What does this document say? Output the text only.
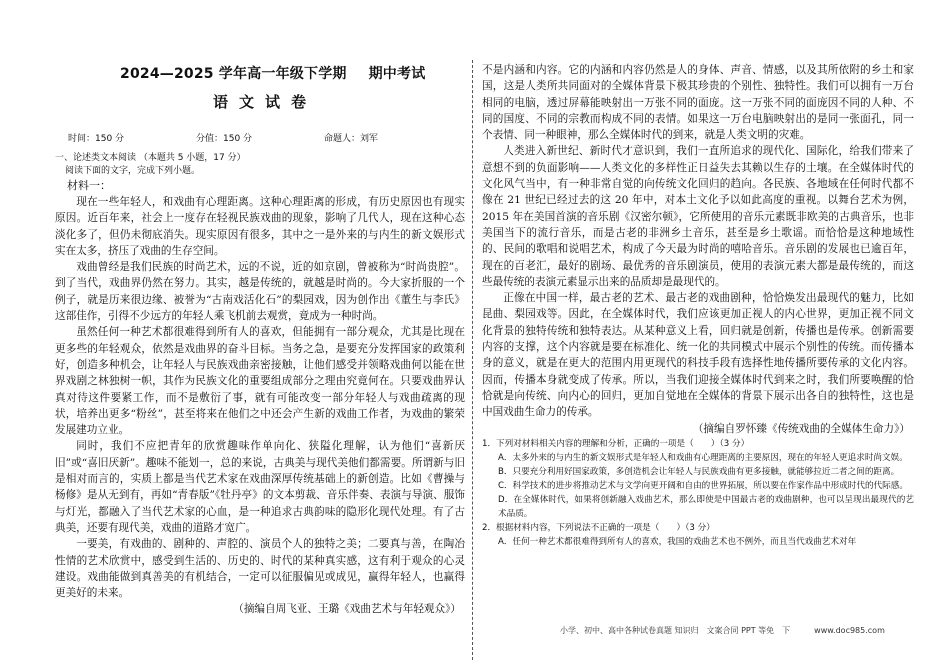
2024—2025 学年高一年级下学期 期中考试
语文试卷
时间：150 分	分值：150 分	命题人：刘军

一、论述类文本阅读 （本题共 5 小题，17 分）

阅读下面的文字，完成下列小题。

材料一：

现在一些年轻人，和戏曲有心理距离。这种心理距离的形成，有历史原因也有现实原因。近百年来，社会上一度存在轻视民族戏曲的现象，影响了几代人，现在这种心态淡化多了，但仍未彻底消失。现实原因有很多，其中之一是外来的与内生的新文娱形式实在太多，挤压了戏曲的生存空间。

戏曲曾经是我们民族的时尚艺术，远的不说，近的如京剧，曾被称为“时尚贵腔”。到了当代，戏曲界仍然在努力。其实，越是传统的，就越是时尚的。今大家折服的一个例子，就是历来很边缘、被誉为“古南戏活化石”的梨园戏，因为创作出《董生与李氏》这部佳作，引得不少远方的年轻人乘飞机前去观赏，竟成为一种时尚。

虽然任何一种艺术都很难得到所有人的喜欢，但能拥有一部分观众，尤其是比现在更多些的年轻观众，依然是戏曲界的奋斗目标。当务之急，是要充分发挥国家的政策利好，创造多种机会，让年轻人与民族戏曲亲密接触，让他们感受并领略戏曲何以能在世界戏剧之林独树一帜，其作为民族文化的重要组成部分之理由究竟何在。只要戏曲界认真对待这件要紧工作，而不是敷衍了事，就有可能改变一部分年轻人与戏曲疏离的现状，培养出更多“粉丝”，甚至将来在他们之中还会产生新的戏曲工作者，为戏曲的繁荣发展建功立业。

同时，我们不应把青年的欣赏趣味作单向化、狭隘化理解，认为他们“喜新厌旧”或“喜旧厌新”。趣味不能划一，总的来说，古典美与现代美他们都需要。所谓新与旧是相对而言的，实质上都是当代艺术家在戏曲深厚传统基础上的新创造。比如《曹操与杨修》是从无到有，再如“青春版”《牡丹亭》的文本剪裁、音乐伴奏、表演与导演、服饰与灯光，都融入了当代艺术家的心血，是一种追求古典韵味的隐形化现代处理。有了古典美，还要有现代美，戏曲的道路才宽广。

一要美，有戏曲的、剧种的、声腔的、演员个人的独特之美；二要真与善，在陶冶性情的艺术欣赏中，感受到生活的、历史的、时代的某种真实感，这有利于观众的心灵建设。戏曲能做到真善美的有机结合，一定可以征服偏见或成见，赢得年轻人，也赢得更美好的未来。

（摘编自周飞亚、王璐《戏曲艺术与年轻观众》）

不是内涵和内容。它的内涵和内容仍然是人的身体、声音、情感，以及其所依附的乡土和家国，这是人类所共同面对的全媒体背景下极其珍贵的个别性、独特性。我们可以拥有一万台相同的电脑，透过屏幕能映射出一万张不同的面庞。这一万张不同的面庞因不同的人种、不同的国度、不同的宗教而构成不同的表情。如果这一万台电脑映射出的是同一张面孔，同一个表情、同一种眼神，那么全媒体时代的到来，就是人类文明的灾难。

人类进入新世纪、新时代才意识到，我们一直所追求的现代化、国际化，给我们带来了意想不到的负面影响——人类文化的多样性正日益失去其赖以生存的土壤。在全媒体时代的文化风气当中，有一种非常自觉的向传统文化回归的趋向。各民族、各地域在任何时代都不像在 21 世纪已经过去的这 20 年中，对本土文化予以如此高度的重视。以舞台艺术为例，2015 年在美国首演的音乐剧《汉密尔顿》，它所使用的音乐元素既非欧美的古典音乐，也非美国当下的流行音乐，而是古老的非洲乡土音乐，甚至是乡土歌谣。而恰恰是这种地域性的、民间的歌唱和说唱艺术，构成了今天最为时尚的嘻哈音乐。音乐剧的发展也已逾百年，现在的百老汇，最好的剧场、最优秀的音乐剧演员，使用的表演元素大都是最传统的，而这些最传统的表演元素显示出来的品质却是最现代的。

正像在中国一样，最古老的艺术、最古老的戏曲剧种，恰恰焕发出最现代的魅力，比如昆曲、梨园戏等。因此，在全媒体时代，我们应该更加正视人的内心世界，更加正视不同文化背景的独特传统和独特表达。从某种意义上看，回归就是创新，传播也是传承。创新需要内容的支撑，这个内容就是要在标准化、统一化的共同模式中展示个别性的传统。而传播本身的意义，就是在更大的范围内用更现代的科技手段有选择性地传播所要传承的文化内容。因而，传播本身就变成了传承。所以，当我们迎接全媒体时代到来之时，我们所要唤醒的恰恰就是向传统、向内心的回归，更加自觉地在全媒体的背景下展示出各自的独特性，这也是中国戏曲生命力的传承。

（摘编自罗怀臻《传统戏曲的全媒体生命力》）

1．下列对材料相关内容的理解和分析，正确的一项是（　　）（3 分）

A．太多外来的与内生的新文娱形式是年轻人和戏曲有心理距离的主要原因，现在的年轻人更追求时尚文娱。

B．只要充分利用好国家政策，多创造机会让年轻人与民族戏曲有更多接触，就能够拉近二者之间的距离。

C．科学技术的进步将推动艺术与文学向更开阔和自由的世界拓展，所以要在作家作品中形成时代的代际感。

D．在全媒体时代，如果将创新融入戏曲艺术，那么即使是中国最古老的戏曲剧种，也可以呈现出最现代的艺术品质。

2．根据材料内容，下列说法不正确的一项是（　　）（3 分）

A．任何一种艺术都很难得到所有人的喜欢，我国的戏曲艺术也不例外，而且当代戏曲艺术对年

小学、初中、高中各种试卷真题 知识归　文案合同 PPT 等免　下　　　www.doc985.com
